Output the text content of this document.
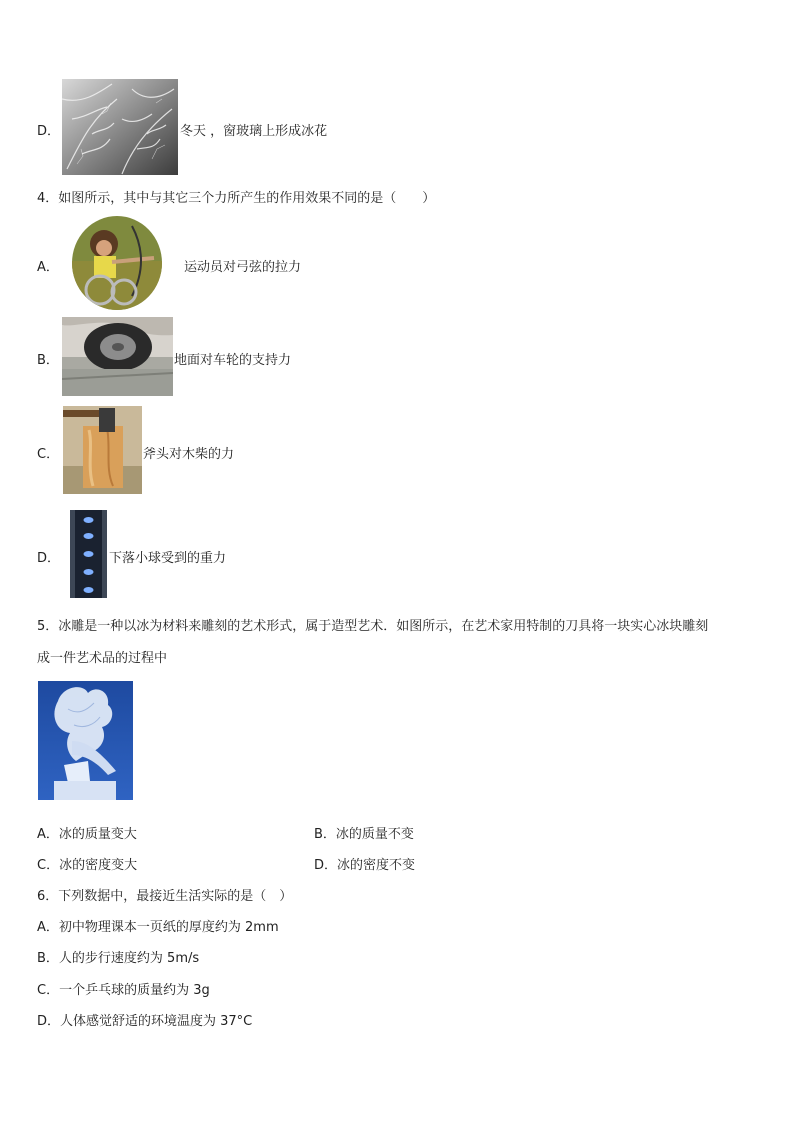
D．	冬天 ，窗玻璃上形成冰花
4．如图所示，其中与其它三个力所产生的作用效果不同的是（　　）
A．	运动员对弓弦的拉力
B．	地面对车轮的支持力
C．	斧头对木柴的力
D．	下落小球受到的重力
5．冰雕是一种以冰为材料来雕刻的艺术形式，属于造型艺术．如图所示，在艺术家用特制的刀具将一块实心冰块雕刻
成一件艺术品的过程中
A．冰的质量变大	B．冰的质量不变
C．冰的密度变大	D．冰的密度不变
6．下列数据中，最接近生活实际的是（　）
A．初中物理课本一页纸的厚度约为 2mm
B．人的步行速度约为 5m/s
C．一个乒乓球的质量约为 3g
D．人体感觉舒适的环境温度为 37°C
